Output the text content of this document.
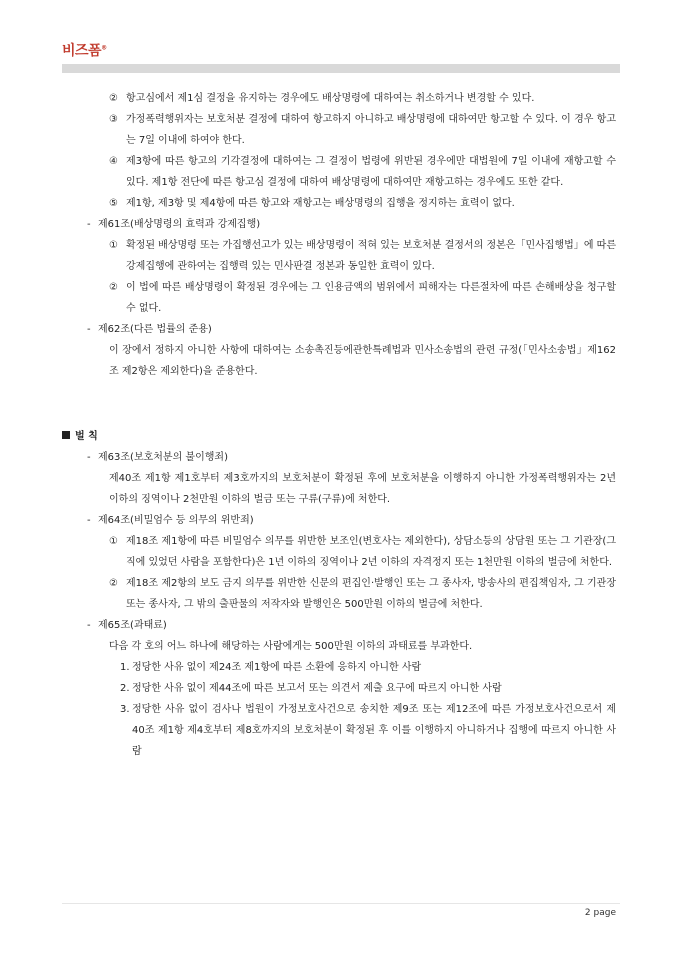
비즈폼®
② 항고심에서 제1심 결정을 유지하는 경우에도 배상명령에 대하여는 취소하거나 변경할 수 있다.
③ 가정폭력행위자는 보호처분 결정에 대하여 항고하지 아니하고 배상명령에 대하여만 항고할 수 있다. 이 경우 항고는 7일 이내에 하여야 한다.
④ 제3항에 따른 항고의 기각결정에 대하여는 그 결정이 법령에 위반된 경우에만 대법원에 7일 이내에 재항고할 수 있다. 제1항 전단에 따른 항고심 결정에 대하여 배상명령에 대하여만 재항고하는 경우에도 또한 같다.
⑤ 제1항, 제3항 및 제4항에 따른 항고와 재항고는 배상명령의 집행을 정지하는 효력이 없다.
- 제61조(배상명령의 효력과 강제집행)
① 확정된 배상명령 또는 가집행선고가 있는 배상명령이 적혀 있는 보호처분 결정서의 정본은「민사집행법」에 따른 강제집행에 관하여는 집행력 있는 민사판결 정본과 동일한 효력이 있다.
② 이 법에 따른 배상명령이 확정된 경우에는 그 인용금액의 범위에서 피해자는 다른절차에 따른 손해배상을 청구할 수 없다.
- 제62조(다른 법률의 준용)
이 장에서 정하지 아니한 사항에 대하여는 소송촉진등에관한특례법과 민사소송법의 관련 규정(「민사소송법」제162조 제2항은 제외한다)을 준용한다.
벌 칙
- 제63조(보호처분의 불이행죄)
제40조 제1항 제1호부터 제3호까지의 보호처분이 확정된 후에 보호처분을 이행하지 아니한 가정폭력행위자는 2년 이하의 징역이나 2천만원 이하의 벌금 또는 구류(구류)에 처한다.
- 제64조(비밀엄수 등 의무의 위반죄)
① 제18조 제1항에 따른 비밀엄수 의무를 위반한 보조인(변호사는 제외한다), 상담소등의 상담원 또는 그 기관장(그 직에 있었던 사람을 포함한다)은 1년 이하의 징역이나 2년 이하의 자격정지 또는 1천만원 이하의 벌금에 처한다.
② 제18조 제2항의 보도 금지 의무를 위반한 신문의 편집인·발행인 또는 그 종사자, 방송사의 편집책임자, 그 기관장 또는 종사자, 그 밖의 출판물의 저작자와 발행인은 500만원 이하의 벌금에 처한다.
- 제65조(과태료)
다음 각 호의 어느 하나에 해당하는 사람에게는 500만원 이하의 과태료를 부과한다.
1. 정당한 사유 없이 제24조 제1항에 따른 소환에 응하지 아니한 사람
2. 정당한 사유 없이 제44조에 따른 보고서 또는 의견서 제출 요구에 따르지 아니한 사람
3. 정당한 사유 없이 검사나 법원이 가정보호사건으로 송치한 제9조 또는 제12조에 따른 가정보호사건으로서 제40조 제1항 제4호부터 제8호까지의 보호처분이 확정된 후 이를 이행하지 아니하거나 집행에 따르지 아니한 사람
2 page
